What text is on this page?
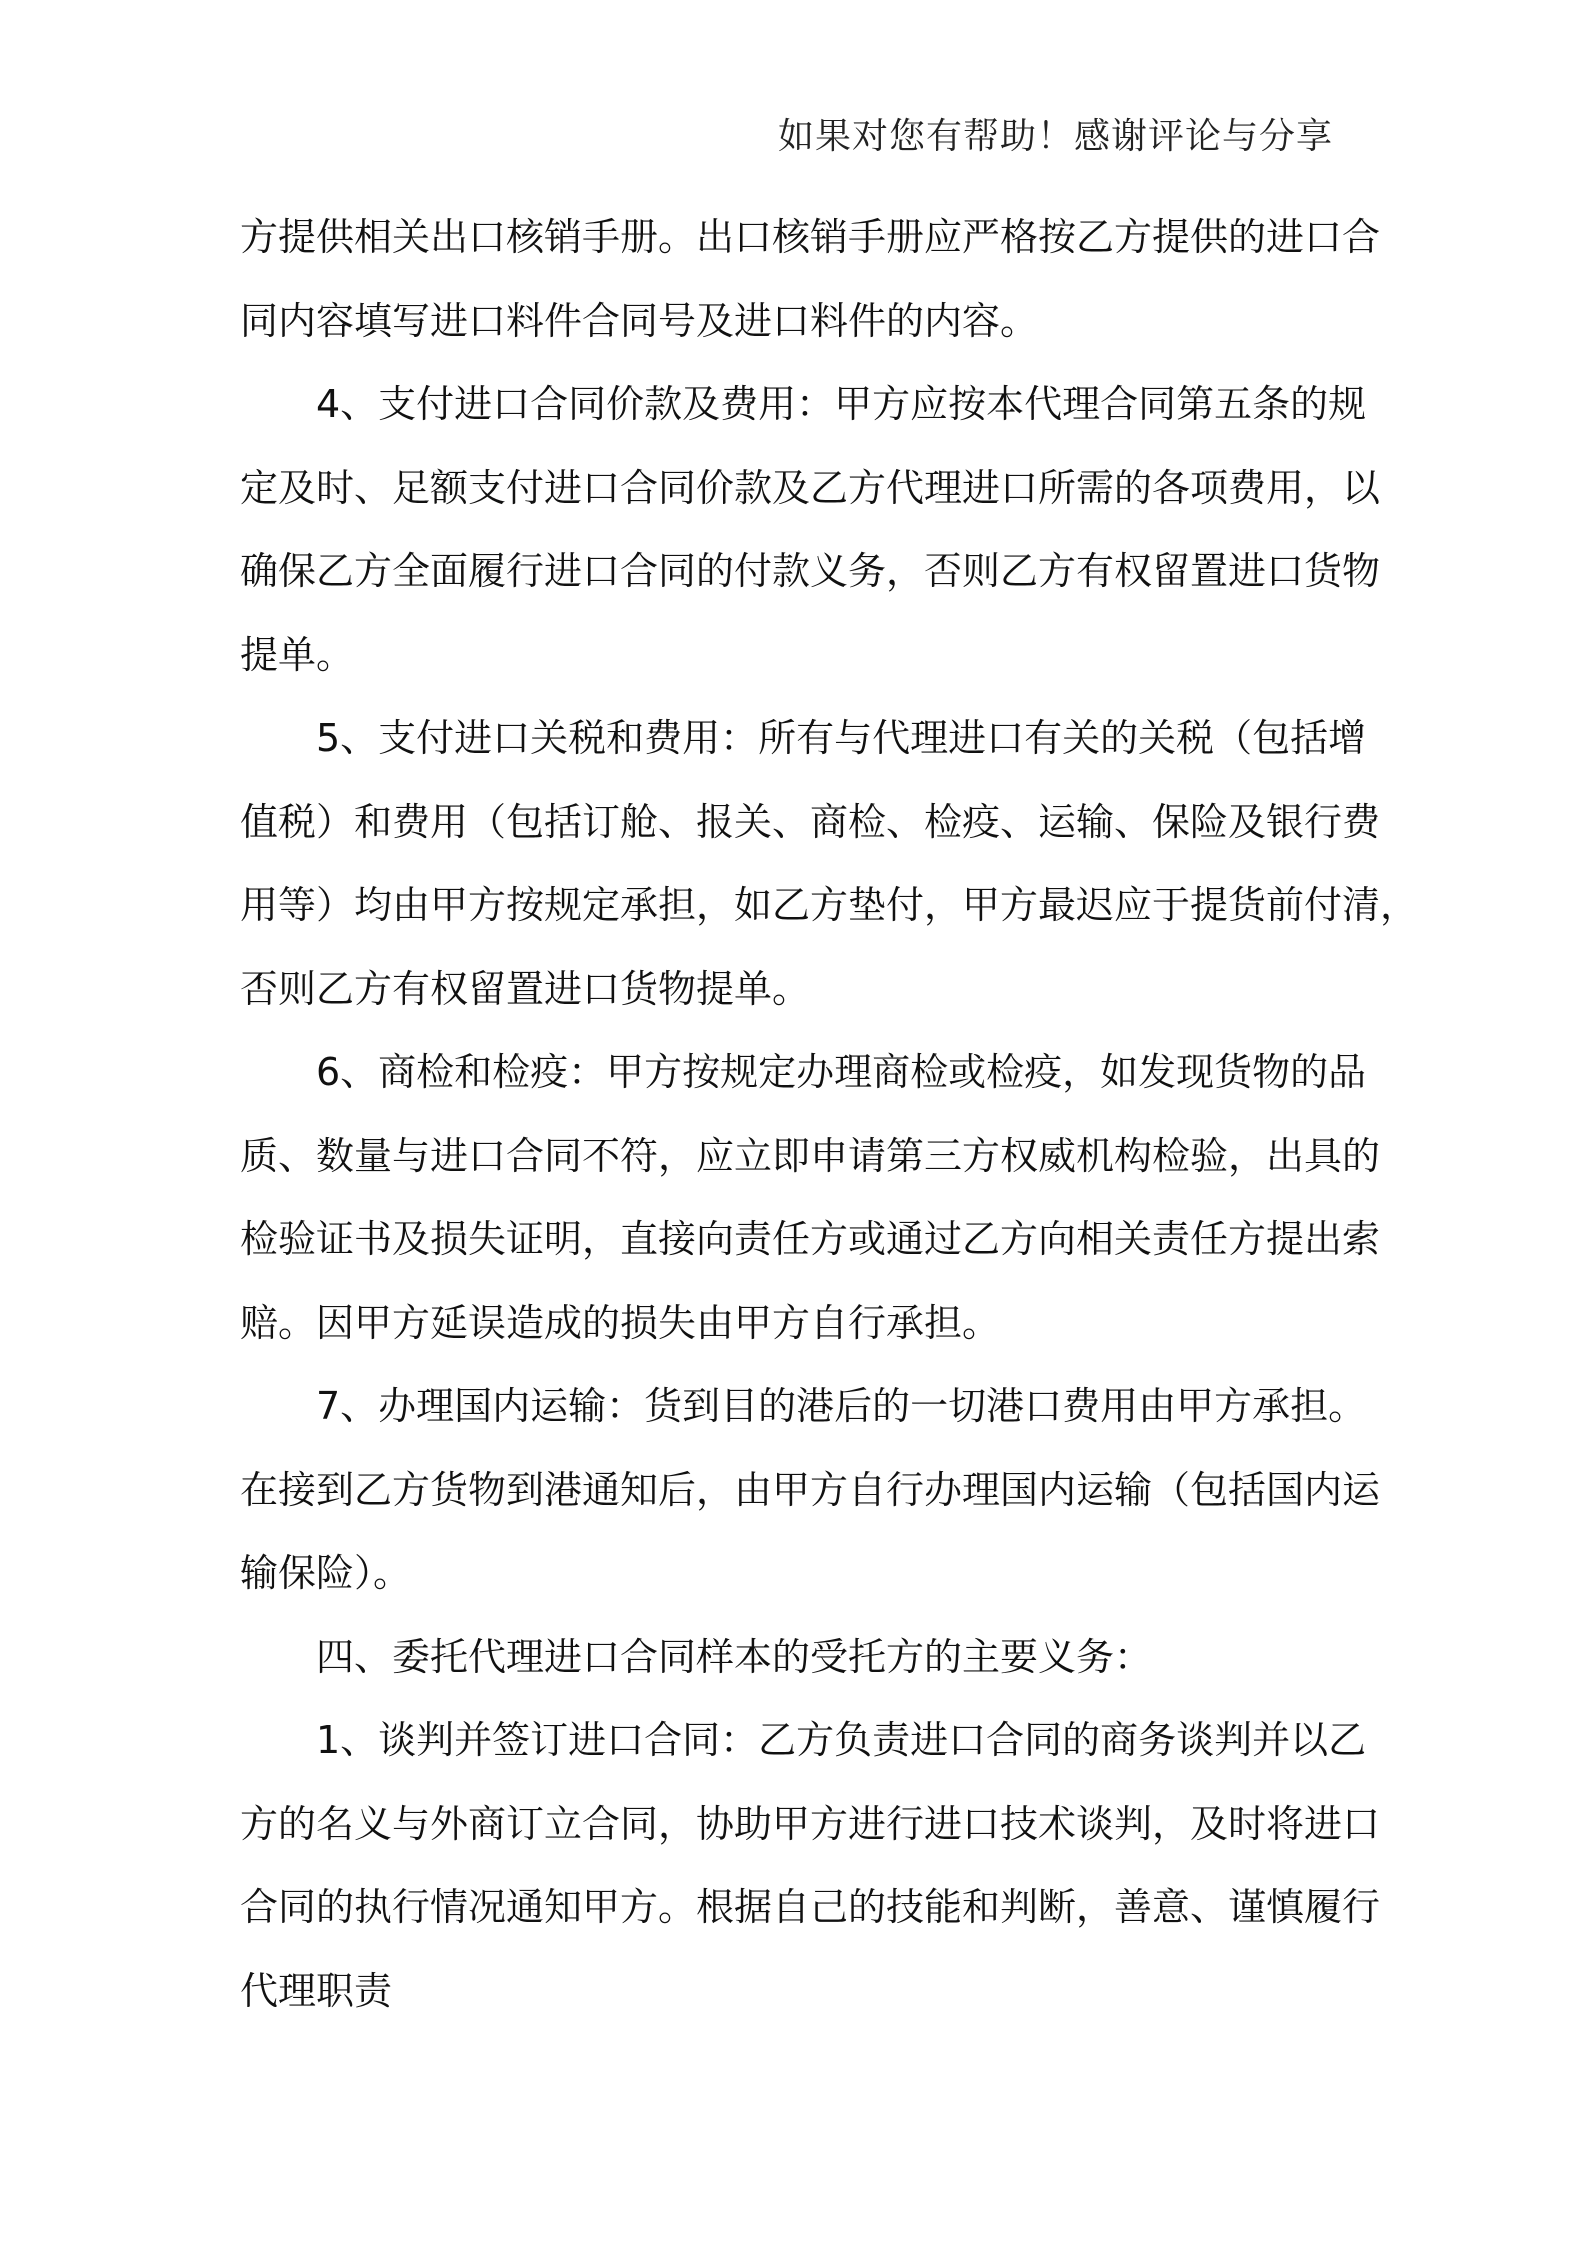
如果对您有帮助！感谢评论与分享
方提供相关出口核销手册。出口核销手册应严格按乙方提供的进口合
同内容填写进口料件合同号及进口料件的内容。
4、支付进口合同价款及费用：甲方应按本代理合同第五条的规
定及时、足额支付进口合同价款及乙方代理进口所需的各项费用，以
确保乙方全面履行进口合同的付款义务，否则乙方有权留置进口货物
提单。
5、支付进口关税和费用：所有与代理进口有关的关税（包括增
值税）和费用（包括订舱、报关、商检、检疫、运输、保险及银行费
用等）均由甲方按规定承担，如乙方垫付，甲方最迟应于提货前付清，
否则乙方有权留置进口货物提单。
6、商检和检疫：甲方按规定办理商检或检疫，如发现货物的品
质、数量与进口合同不符，应立即申请第三方权威机构检验，出具的
检验证书及损失证明，直接向责任方或通过乙方向相关责任方提出索
赔。因甲方延误造成的损失由甲方自行承担。
7、办理国内运输：货到目的港后的一切港口费用由甲方承担。
在接到乙方货物到港通知后，由甲方自行办理国内运输（包括国内运
输保险）。
四、委托代理进口合同样本的受托方的主要义务：
1、谈判并签订进口合同：乙方负责进口合同的商务谈判并以乙
方的名义与外商订立合同，协助甲方进行进口技术谈判，及时将进口
合同的执行情况通知甲方。根据自己的技能和判断，善意、谨慎履行
代理职责
